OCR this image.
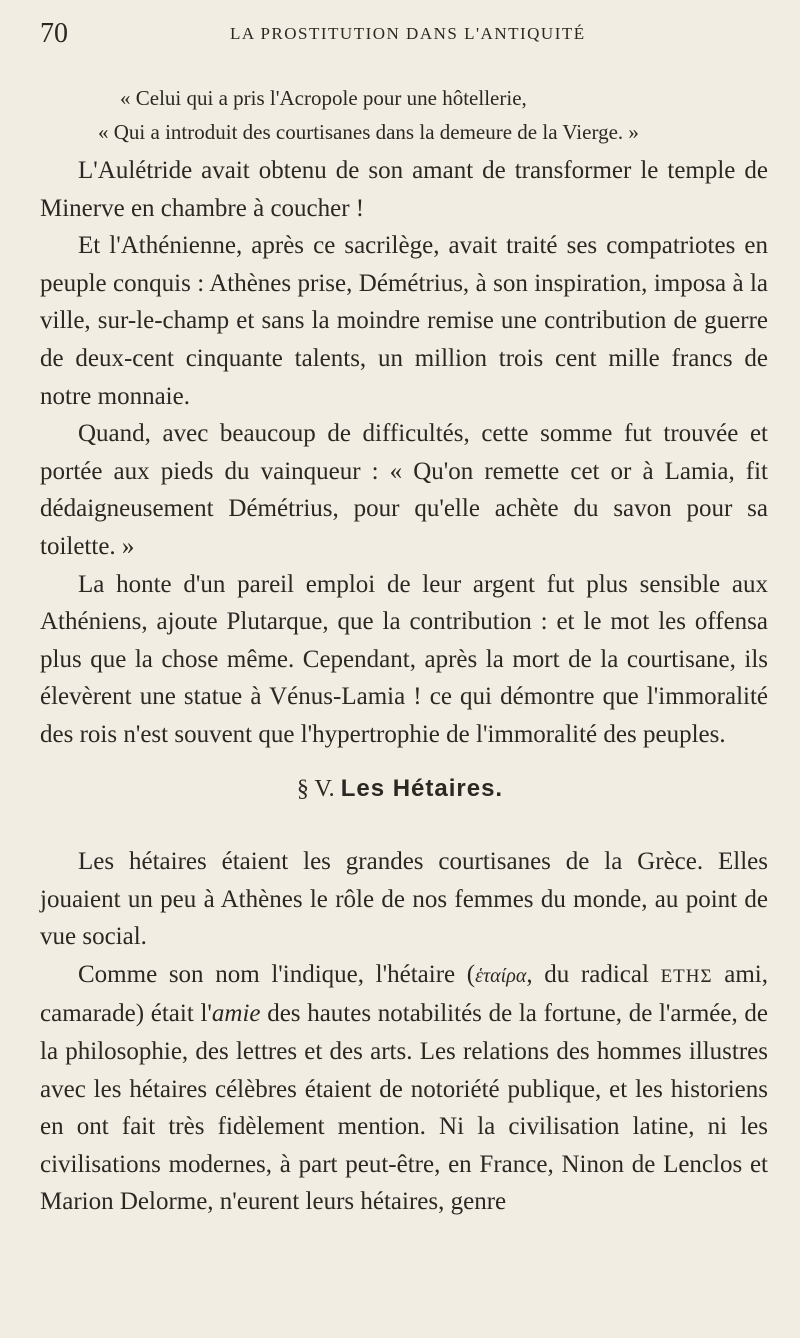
70	LA PROSTITUTION DANS L'ANTIQUITÉ
« Celui qui a pris l'Acropole pour une hôtellerie,
« Qui a introduit des courtisanes dans la demeure de la Vierge. »

L'Aulétride avait obtenu de son amant de transformer le temple de Minerve en chambre à coucher !

Et l'Athénienne, après ce sacrilège, avait traité ses compatriotes en peuple conquis : Athènes prise, Démétrius, à son inspiration, imposa à la ville, sur-le-champ et sans la moindre remise une contribution de guerre de deux-cent cinquante talents, un million trois cent mille francs de notre monnaie.

Quand, avec beaucoup de difficultés, cette somme fut trouvée et portée aux pieds du vainqueur : « Qu'on remette cet or à Lamia, fit dédaigneusement Démétrius, pour qu'elle achète du savon pour sa toilette. »

La honte d'un pareil emploi de leur argent fut plus sensible aux Athéniens, ajoute Plutarque, que la contribution : et le mot les offensa plus que la chose même. Cependant, après la mort de la courtisane, ils élevèrent une statue à Vénus-Lamia ! ce qui démontre que l'immoralité des rois n'est souvent que l'hypertrophie de l'immoralité des peuples.

§ V. Les Hétaires.

Les hétaires étaient les grandes courtisanes de la Grèce. Elles jouaient un peu à Athènes le rôle de nos femmes du monde, au point de vue social.

Comme son nom l'indique, l'hétaire (ἑταίρα, du radical ΕΤΗΣ ami, camarade) était l'amie des hautes notabilités de la fortune, de l'armée, de la philosophie, des lettres et des arts. Les relations des hommes illustres avec les hétaires célèbres étaient de notoriété publique, et les historiens en ont fait très fidèlement mention. Ni la civilisation latine, ni les civilisations modernes, à part peut-être, en France, Ninon de Lenclos et Marion Delorme, n'eurent leurs hétaires, genre
